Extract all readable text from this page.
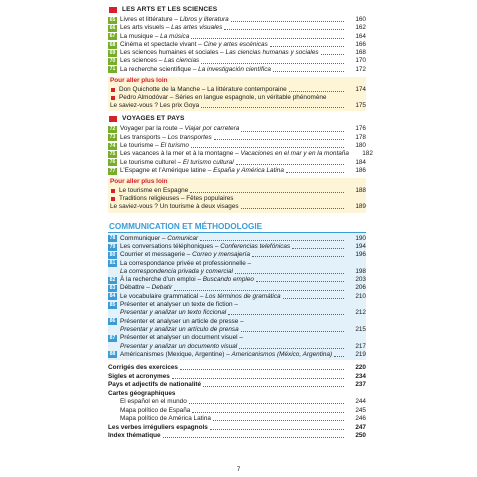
LES ARTS ET LES SCIENCES
65 Livres et littérature – Libros y literatura	160
66 Les arts visuels – Las artes visuales	162
67 La musique – La música	164
68 Cinéma et spectacle vivant – Cine y artes escénicas	166
69 Les sciences humaines et sociales – Las ciencias humanas y sociales	168
70 Les sciences – Las ciencias	170
71 La recherche scientifique – La investigación científica	172
Pour aller plus loin
Don Quichotte de la Manche – La littérature contemporaine	174
Pedro Almodóvar – Séries en langue espagnole, un véritable phénomène
Le saviez-vous ? Les prix Goya	175
VOYAGES ET PAYS
72 Voyager par la route – Viajar por carretera	176
73 Les transports – Los transportes	178
74 Le tourisme – El turismo	180
75 Les vacances à la mer et à la montagne – Vacaciones en el mar y en la montaña	182
76 Le tourisme culturel – El turismo cultural	184
77 L’Espagne et l’Amérique latine – España y América Latina	186
Pour aller plus loin
Le tourisme en Espagne	188
Traditions religieuses – Fêtes populaires
Le saviez-vous ? Un tourisme à deux visages	189
COMMUNICATION ET MÉTHODOLOGIE
78 Communiquer – Comunicar	190
79 Les conversations téléphoniques – Conferencias telefónicas	194
80 Courrier et messagerie – Correo y mensajería	196
81 La correspondance privée et professionnelle –
La correspondencia privada y comercial	198
82 À la recherche d’un emploi – Buscando empleo	203
83 Débattre – Debatir	206
84 Le vocabulaire grammatical – Los términos de gramática	210
85 Présenter et analyser un texte de fiction –
Presentar y analizar un texto ficcional	212
86 Présenter et analyser un article de presse –
Presentar y analizar un artículo de prensa	215
87 Présenter et analyser un document visuel –
Presentar y analizar un documento visual	217
88 Américanismes (Mexique, Argentine) – Americanismos (México, Argentina)	219
Corrigés des exercices	220
Sigles et acronymes	234
Pays et adjectifs de nationalité	237
Cartes géographiques
El español en el mundo	244
Mapa político de España	245
Mapa político de América Latina	246
Les verbes irréguliers espagnols	247
Index thématique	250
7
